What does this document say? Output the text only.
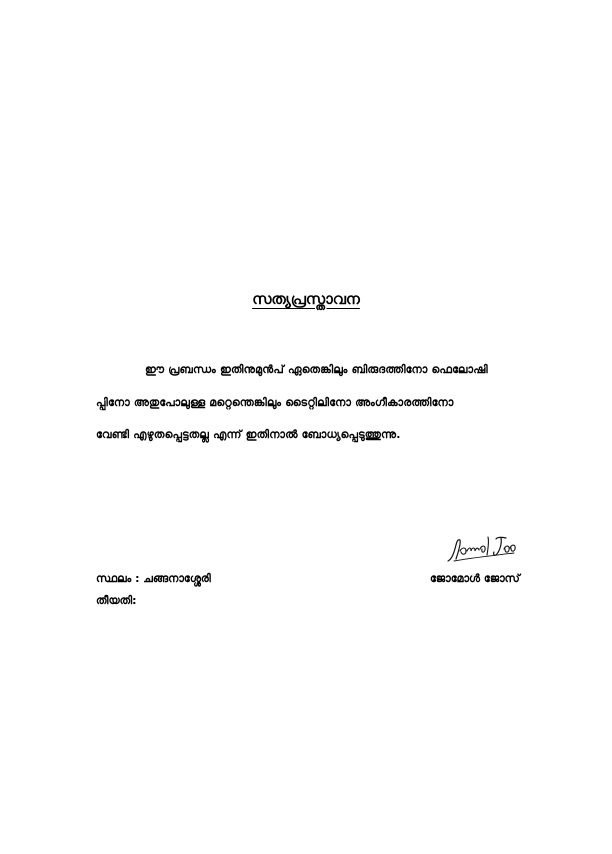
സത്യപ്രസ്താവന
ഈ പ്രബന്ധം ഇതിനുമുൻപ് ഏതെങ്കിലും ബിരുദത്തിനോ ഫെലോഷി
പ്പിനോ അതുപോലുള്ള മറ്റെന്തെങ്കിലും ടൈറ്റിലിനോ അംഗീകാരത്തിനോ
വേണ്ടി എഴുതപ്പെട്ടതല്ല എന്ന് ഇതിനാൽ ബോധ്യപ്പെടുത്തുന്നു.
സ്ഥലം : ചങ്ങനാശ്ശേരി
തീയതി:
ജോമോൾ ജോസ്
